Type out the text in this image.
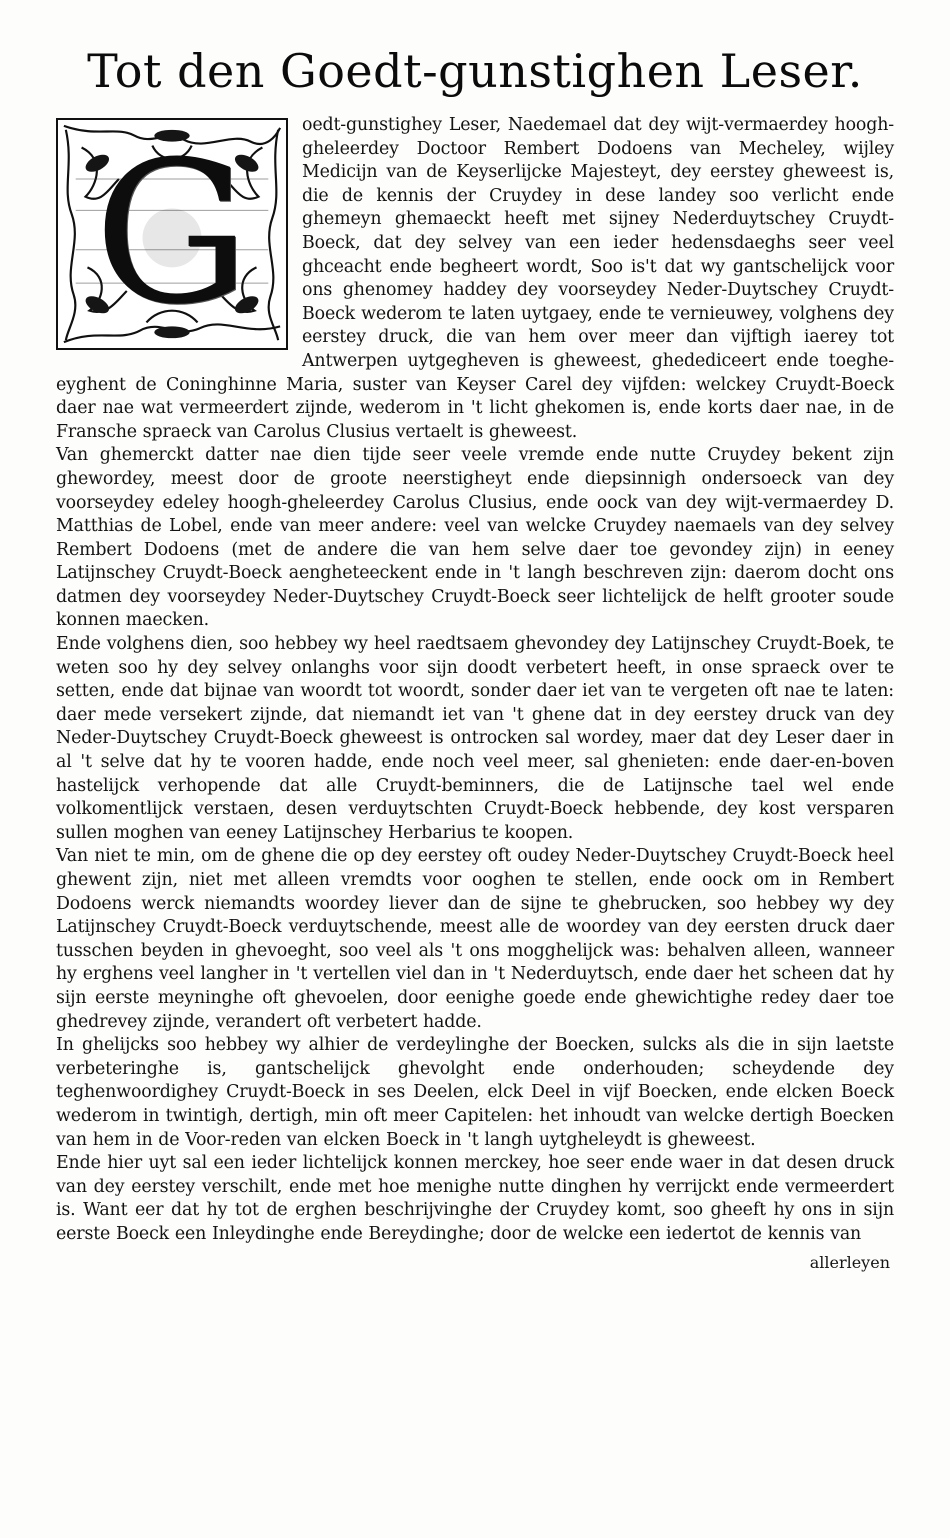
Tot den Goedt-gunstighen Leser.
G	oedt-gunstighey Leser, Naedemael dat dey wijt-vermaerdey hoogh-gheleerdey Doctoor Rembert Dodoens van Mecheley, wijley Medicijn van de Keyserlijcke Majesteyt, dey eerstey gheweest is, die de kennis der Cruydey in dese landey soo verlicht ende ghemeyn ghemaeckt heeft met sijney Nederduytschey Cruydt-Boeck, dat dey selvey van een ieder hedensdaeghs seer veel ghceacht ende begheert wordt, Soo is't dat wy gantschelijck voor ons ghenomey haddey dey voorseydey Neder-Duytschey Cruydt-Boeck wederom te laten uytgaey, ende te vernieuwey, volghens dey eerstey druck, die van hem over meer dan vijftigh iaerey tot Antwerpen uytgegheven is gheweest, ghedediceert ende toeghe-eyghent de Coninghinne Maria, suster van Keyser Carel dey vijfden: welckey Cruydt-Boeck daer nae wat vermeerdert zijnde, wederom in 't licht ghekomen is, ende korts daer nae, in de Fransche spraeck van Carolus Clusius vertaelt is gheweest.

Van ghemerckt datter nae dien tijde seer veele vremde ende nutte Cruydey bekent zijn ghewordey, meest door de groote neerstigheyt ende diepsinnigh ondersoeck van dey voorseydey edeley hoogh-gheleerdey Carolus Clusius, ende oock van dey wijt-vermaerdey D. Matthias de Lobel, ende van meer andere: veel van welcke Cruydey naemaels van dey selvey Rembert Dodoens (met de andere die van hem selve daer toe gevondey zijn) in eeney Latijnschey Cruydt-Boeck aengheteeckent ende in 't langh beschreven zijn: daerom docht ons datmen dey voorseydey Neder-Duytschey Cruydt-Boeck seer lichtelijck de helft grooter soude konnen maecken.

Ende volghens dien, soo hebbey wy heel raedtsaem ghevondey dey Latijnschey Cruydt-Boek, te weten soo hy dey selvey onlanghs voor sijn doodt verbetert heeft, in onse spraeck over te setten, ende dat bijnae van woordt tot woordt, sonder daer iet van te vergeten oft nae te laten: daer mede versekert zijnde, dat niemandt iet van 't ghene dat in dey eerstey druck van dey Neder-Duytschey Cruydt-Boeck gheweest is ontrocken sal wordey, maer dat dey Leser daer in al 't selve dat hy te vooren hadde, ende noch veel meer, sal ghenieten: ende daer-en-boven hastelijck verhopende dat alle Cruydt-beminners, die de Latijnsche tael wel ende volkomentlijck verstaen, desen verduytschten Cruydt-Boeck hebbende, dey kost versparen sullen moghen van eeney Latijnschey Herbarius te koopen.

Van niet te min, om de ghene die op dey eerstey oft oudey Neder-Duytschey Cruydt-Boeck heel ghewent zijn, niet met alleen vremdts voor ooghen te stellen, ende oock om in Rembert Dodoens werck niemandts woordey liever dan de sijne te ghebrucken, soo hebbey wy dey Latijnschey Cruydt-Boeck verduytschende, meest alle de woordey van dey eersten druck daer tusschen beyden in ghevoeght, soo veel als 't ons mogghelijck was: behalven alleen, wanneer hy erghens veel langher in 't vertellen viel dan in 't Nederduytsch, ende daer het scheen dat hy sijn eerste meyninghe oft ghevoelen, door eenighe goede ende ghewichtighe redey daer toe ghedrevey zijnde, verandert oft verbetert hadde.

In ghelijcks soo hebbey wy alhier de verdeylinghe der Boecken, sulcks als die in sijn laetste verbeteringhe is, gantschelijck ghevolght ende onderhouden; scheydende dey teghenwoordighey Cruydt-Boeck in ses Deelen, elck Deel in vijf Boecken, ende elcken Boeck wederom in twintigh, dertigh, min oft meer Capitelen: het inhoudt van welcke dertigh Boecken van hem in de Voor-reden van elcken Boeck in 't langh uytgheleydt is gheweest.

Ende hier uyt sal een ieder lichtelijck konnen merckey, hoe seer ende waer in dat desen druck van dey eerstey verschilt, ende met hoe menighe nutte dinghen hy verrijckt ende vermeerdert is. Want eer dat hy tot de erghen beschrijvinghe der Cruydey komt, soo gheeft hy ons in sijn eerste Boeck een Inleydinghe ende Bereydinghe; door de welcke een iedertot de kennis van

allerleyen
